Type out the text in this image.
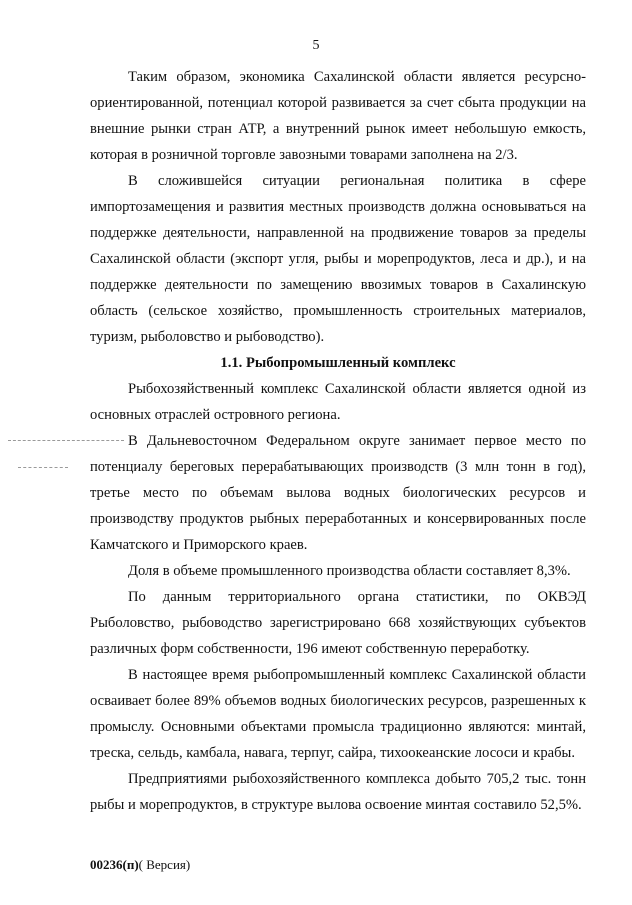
5

Таким образом, экономика Сахалинской области является ресурсно-ориентированной, потенциал которой развивается за счет сбыта продукции на внешние рынки стран АТР, а внутренний рынок имеет небольшую емкость, которая в розничной торговле завозными товарами заполнена на 2/3.

В сложившейся ситуации региональная политика в сфере импортозамещения и развития местных производств должна основываться на поддержке деятельности, направленной на продвижение товаров за пределы Сахалинской области (экспорт угля, рыбы и морепродуктов, леса и др.), и на поддержке деятельности по замещению ввозимых товаров в Сахалинскую область (сельское хозяйство, промышленность строительных материалов, туризм, рыболовство и рыбоводство).

1.1. Рыбопромышленный комплекс

Рыбохозяйственный комплекс Сахалинской области является одной из основных отраслей островного региона.

В Дальневосточном Федеральном округе занимает первое место по потенциалу береговых перерабатывающих производств (3 млн тонн в год), третье место по объемам вылова водных биологических ресурсов и производству продуктов рыбных переработанных и консервированных после Камчатского и Приморского краев.

Доля в объеме промышленного производства области составляет 8,3%.

По данным территориального органа статистики, по ОКВЭД Рыболовство, рыбоводство зарегистрировано 668 хозяйствующих субъектов различных форм собственности, 196 имеют собственную переработку.

В настоящее время рыбопромышленный комплекс Сахалинской области осваивает более 89% объемов водных биологических ресурсов, разрешенных к промыслу. Основными объектами промысла традиционно являются: минтай, треска, сельдь, камбала, навага, терпуг, сайра, тихоокеанские лососи и крабы.

Предприятиями рыбохозяйственного комплекса добыто 705,2 тыс. тонн рыбы и морепродуктов, в структуре вылова освоение минтая составило 52,5%.

00236(п)( Версия)
